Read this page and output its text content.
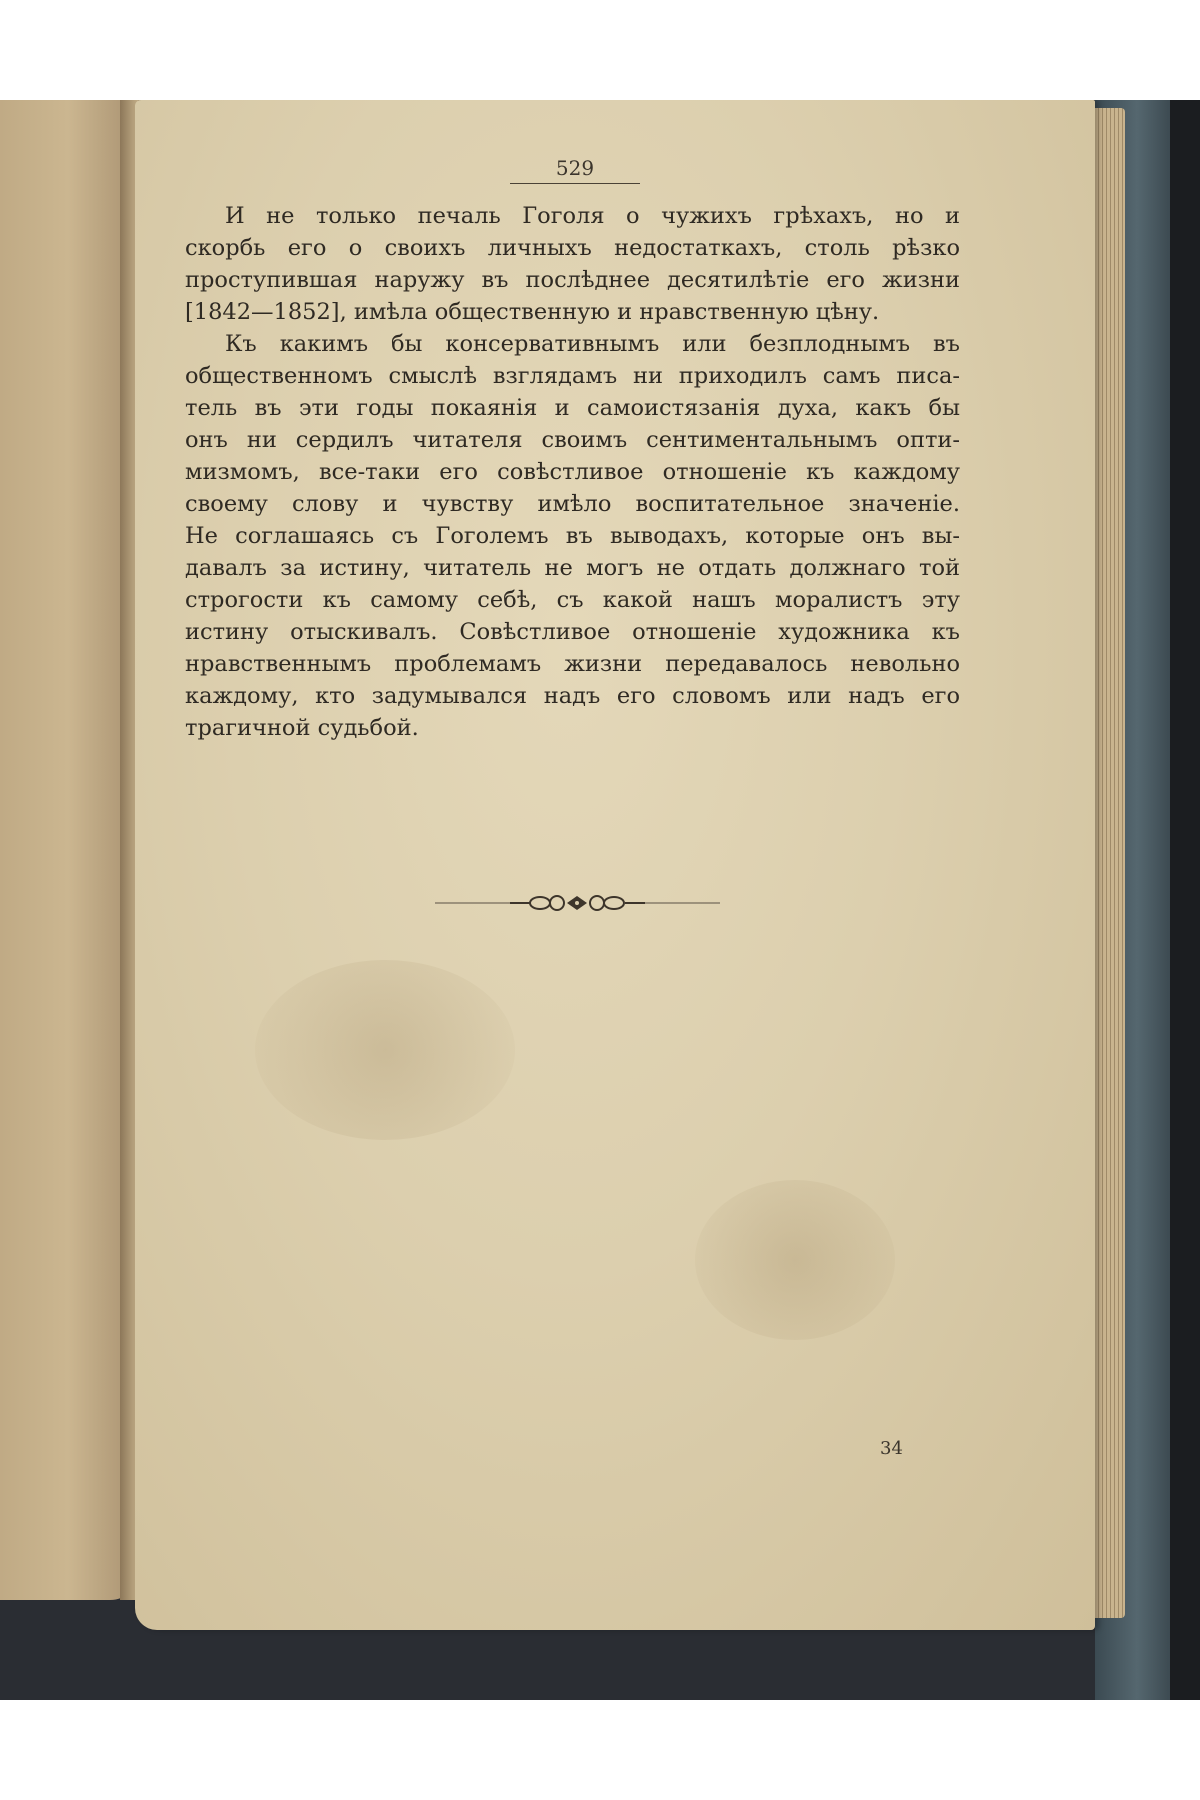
529
И не только печаль Гоголя о чужихъ грѣхахъ, но и
скорбь его о своихъ личныхъ недостаткахъ, столь рѣзко
проступившая наружу въ послѣднее десятилѣтіе его жизни
[1842—1852], имѣла общественную и нравственную цѣну.
Къ какимъ бы консервативнымъ или безплоднымъ въ
общественномъ смыслѣ взглядамъ ни приходилъ самъ писа-
тель въ эти годы покаянія и самоистязанія духа, какъ бы
онъ ни сердилъ читателя своимъ сентиментальнымъ опти-
мизмомъ, все-таки его совѣстливое отношеніе къ каждому
своему слову и чувству имѣло воспитательное значеніе.
Не соглашаясь съ Гоголемъ въ выводахъ, которые онъ вы-
давалъ за истину, читатель не могъ не отдать должнаго той
строгости къ самому себѣ, съ какой нашъ моралистъ эту
истину отыскивалъ. Совѣстливое отношеніе художника къ
нравственнымъ проблемамъ жизни передавалось невольно
каждому, кто задумывался надъ его словомъ или надъ его
трагичной судьбой.
34
